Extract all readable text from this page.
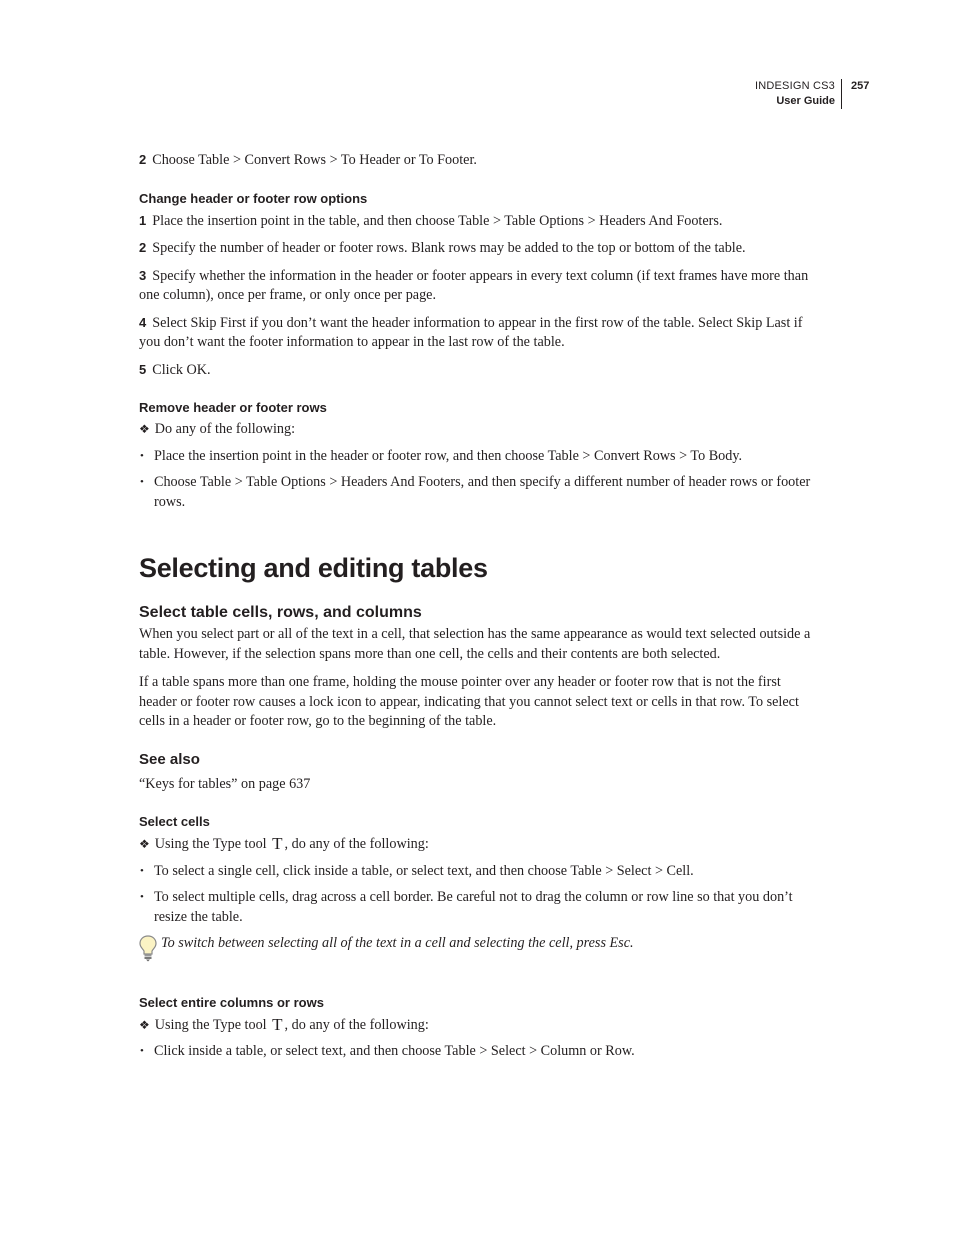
INDESIGN CS3
User Guide
257

2 Choose Table > Convert Rows > To Header or To Footer.

Change header or footer row options

1 Place the insertion point in the table, and then choose Table > Table Options > Headers And Footers.

2 Specify the number of header or footer rows. Blank rows may be added to the top or bottom of the table.

3 Specify whether the information in the header or footer appears in every text column (if text frames have more than one column), once per frame, or only once per page.

4 Select Skip First if you don’t want the header information to appear in the first row of the table. Select Skip Last if you don’t want the footer information to appear in the last row of the table.

5 Click OK.

Remove header or footer rows

❖ Do any of the following:

• Place the insertion point in the header or footer row, and then choose Table > Convert Rows > To Body.
• Choose Table > Table Options > Headers And Footers, and then specify a different number of header rows or footer rows.
Selecting and editing tables
Select table cells, rows, and columns

When you select part or all of the text in a cell, that selection has the same appearance as would text selected outside a table. However, if the selection spans more than one cell, the cells and their contents are both selected.

If a table spans more than one frame, holding the mouse pointer over any header or footer row that is not the first header or footer row causes a lock icon to appear, indicating that you cannot select text or cells in that row. To select cells in a header or footer row, go to the beginning of the table.

See also

“Keys for tables” on page 637

Select cells

❖ Using the Type tool T , do any of the following:

• To select a single cell, click inside a table, or select text, and then choose Table > Select > Cell.
• To select multiple cells, drag across a cell border. Be careful not to drag the column or row line so that you don’t resize the table.
To switch between selecting all of the text in a cell and selecting the cell, press Esc.
Select entire columns or rows

❖ Using the Type tool T , do any of the following:

• Click inside a table, or select text, and then choose Table > Select > Column or Row.
